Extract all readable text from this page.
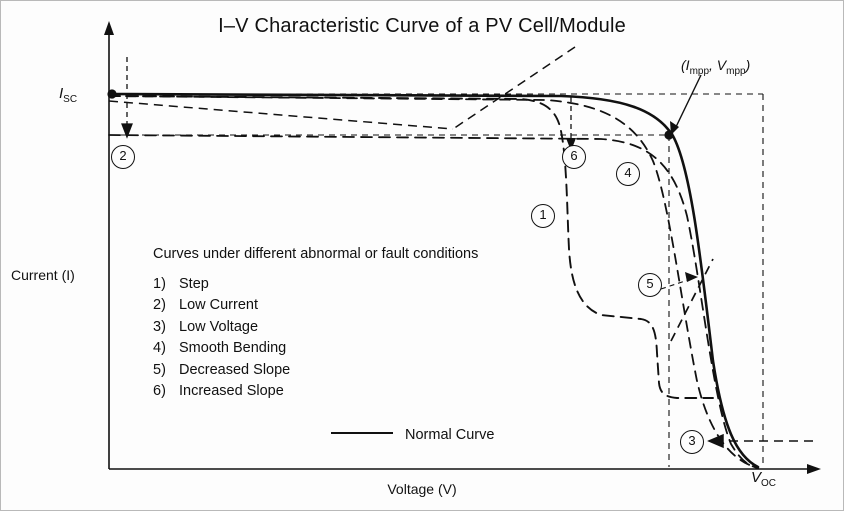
I–V Characteristic Curve of a PV Cell/Module
Current (I)
Voltage (V)
$I_{SC}$
$V_{OC}$
($I_{mpp}$, $V_{mpp}$)
Curves under different abnormal or fault conditions
1) Step
2) Low Current
3) Low Voltage
4) Smooth Bending
5) Decreased Slope
6) Increased Slope
Normal Curve
1
2
3
4
5
6
